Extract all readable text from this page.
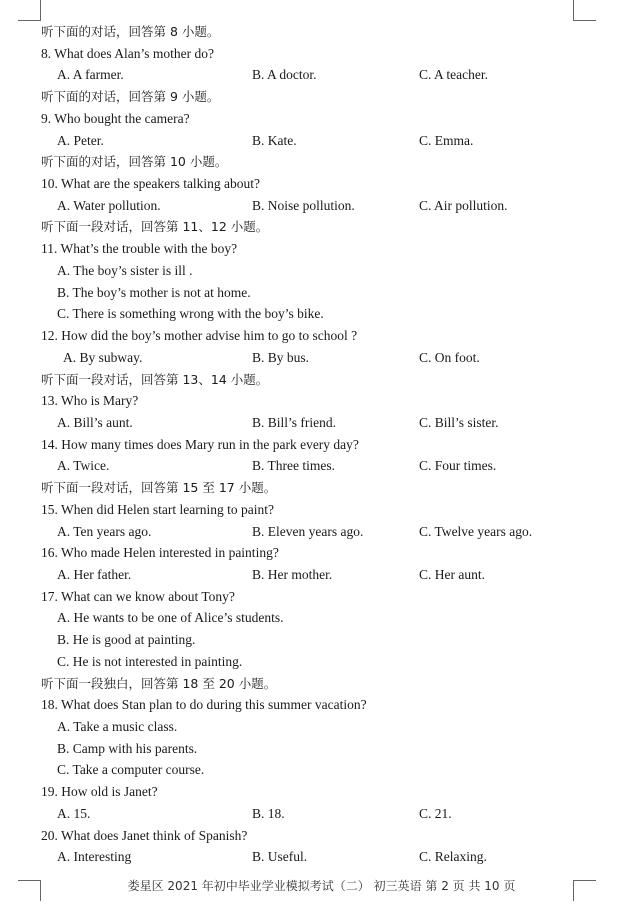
听下面的对话，回答第 8 小题。
8. What does Alan’s mother do?
A. A farmer.	B. A doctor.	C. A teacher.
听下面的对话，回答第 9 小题。
9. Who bought the camera?
A. Peter.	B. Kate.	C. Emma.
听下面的对话，回答第 10 小题。
10. What are the speakers talking about?
A. Water pollution.	B. Noise pollution.	C. Air pollution.
听下面一段对话，回答第 11、12 小题。
11. What’s the trouble with the boy?
A. The boy’s sister is ill .
B. The boy’s mother is not at home.
C. There is something wrong with the boy’s bike.
12. How did the boy’s mother advise him to go to school ?
A. By subway.	B. By bus.	C. On foot.
听下面一段对话，回答第 13、14 小题。
13. Who is Mary?
A. Bill’s aunt.	B. Bill’s friend.	C. Bill’s sister.
14. How many times does Mary run in the park every day?
A. Twice.	B. Three times.	C. Four times.
听下面一段对话，回答第 15 至 17 小题。
15. When did Helen start learning to paint?
A. Ten years ago.	B. Eleven years ago.	C. Twelve years ago.
16. Who made Helen interested in painting?
A. Her father.	B. Her mother.	C. Her aunt.
17. What can we know about Tony?
A. He wants to be one of Alice’s students.
B. He is good at painting.
C. He is not interested in painting.
听下面一段独白，回答第 18 至 20 小题。
18. What does Stan plan to do during this summer vacation?
A. Take a music class.
B. Camp with his parents.
C. Take a computer course.
19. How old is Janet?
A. 15.	B. 18.	C. 21.
20. What does Janet think of Spanish?
A. Interesting	B. Useful.	C. Relaxing.
娄星区 2021 年初中毕业学业模拟考试（二） 初三英语 第 2 页 共 10 页
